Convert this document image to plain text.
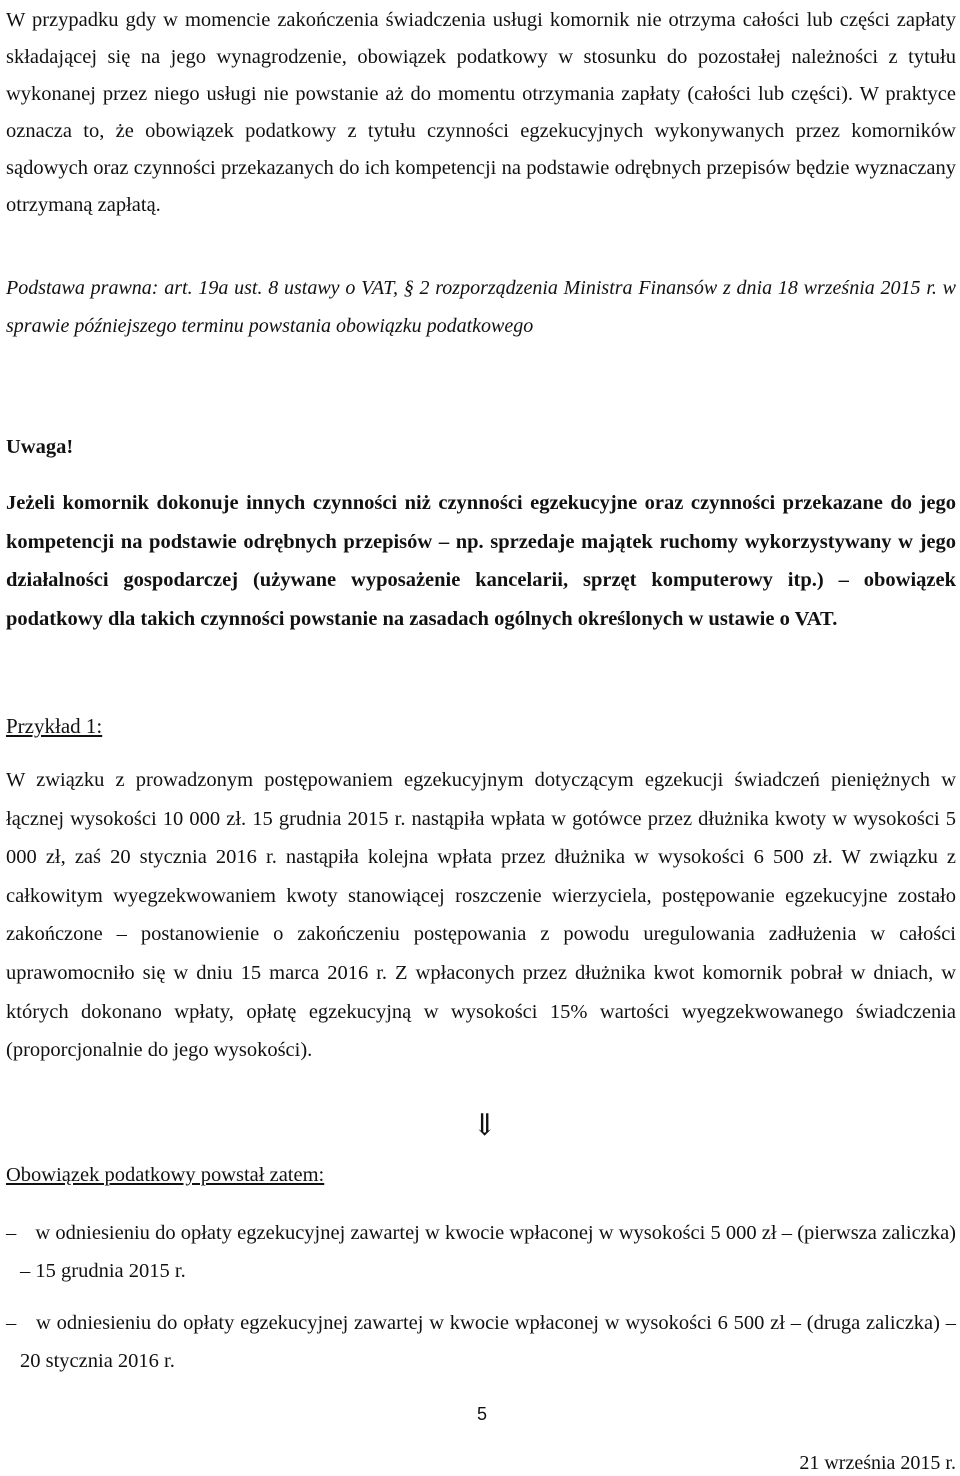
W przypadku gdy w momencie zakończenia świadczenia usługi komornik nie otrzyma całości lub części zapłaty składającej się na jego wynagrodzenie, obowiązek podatkowy w stosunku do pozostałej należności z tytułu wykonanej przez niego usługi nie powstanie aż do momentu otrzymania zapłaty (całości lub części). W praktyce oznacza to, że obowiązek podatkowy z tytułu czynności egzekucyjnych wykonywanych przez komorników sądowych oraz czynności przekazanych do ich kompetencji na podstawie odrębnych przepisów będzie wyznaczany otrzymaną zapłatą.

Podstawa prawna: art. 19a ust. 8 ustawy o VAT, § 2 rozporządzenia Ministra Finansów z dnia 18 września 2015 r. w sprawie późniejszego terminu powstania obowiązku podatkowego

Uwaga!

Jeżeli komornik dokonuje innych czynności niż czynności egzekucyjne oraz czynności przekazane do jego kompetencji na podstawie odrębnych przepisów – np. sprzedaje majątek ruchomy wykorzystywany w jego działalności gospodarczej (używane wyposażenie kancelarii, sprzęt komputerowy itp.) – obowiązek podatkowy dla takich czynności powstanie na zasadach ogólnych określonych w ustawie o VAT.

Przykład 1:

W związku z prowadzonym postępowaniem egzekucyjnym dotyczącym egzekucji świadczeń pieniężnych w łącznej wysokości 10 000 zł. 15 grudnia 2015 r. nastąpiła wpłata w gotówce przez dłużnika kwoty w wysokości 5 000 zł, zaś 20 stycznia 2016 r. nastąpiła kolejna wpłata przez dłużnika w wysokości 6 500 zł. W związku z całkowitym wyegzekwowaniem kwoty stanowiącej roszczenie wierzyciela, postępowanie egzekucyjne zostało zakończone – postanowienie o zakończeniu postępowania z powodu uregulowania zadłużenia w całości uprawomocniło się w dniu 15 marca 2016 r. Z wpłaconych przez dłużnika kwot komornik pobrał w dniach, w których dokonano wpłaty, opłatę egzekucyjną w wysokości 15% wartości wyegzekwowanego świadczenia (proporcjonalnie do jego wysokości).

⇓
Obowiązek podatkowy powstał zatem:
– w odniesieniu do opłaty egzekucyjnej zawartej w kwocie wpłaconej w wysokości 5 000 zł – (pierwsza zaliczka) – 15 grudnia 2015 r.
– w odniesieniu do opłaty egzekucyjnej zawartej w kwocie wpłaconej w wysokości 6 500 zł – (druga zaliczka) – 20 stycznia 2016 r.
5
21 września 2015 r.
